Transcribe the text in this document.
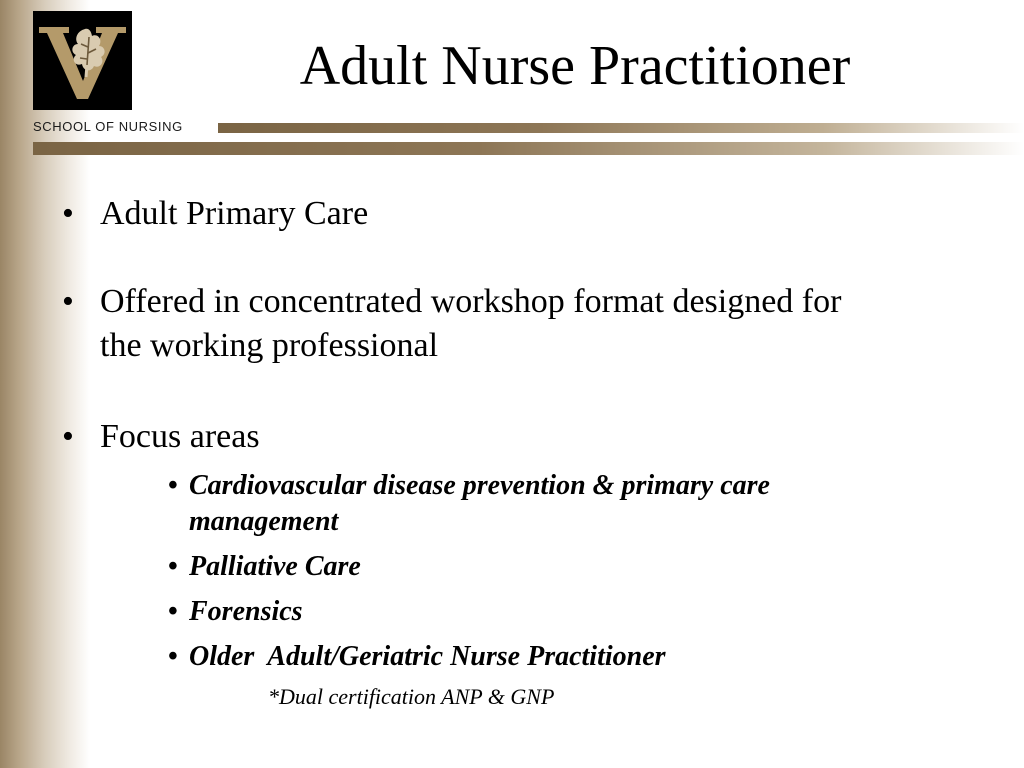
SCHOOL OF NURSING
Adult Nurse Practitioner
• Adult Primary Care
• Offered in concentrated workshop format designed for
the working professional
• Focus areas
• Cardiovascular disease prevention & primary care
management
• Palliative Care
• Forensics
• Older  Adult/Geriatric Nurse Practitioner
*Dual certification ANP & GNP
